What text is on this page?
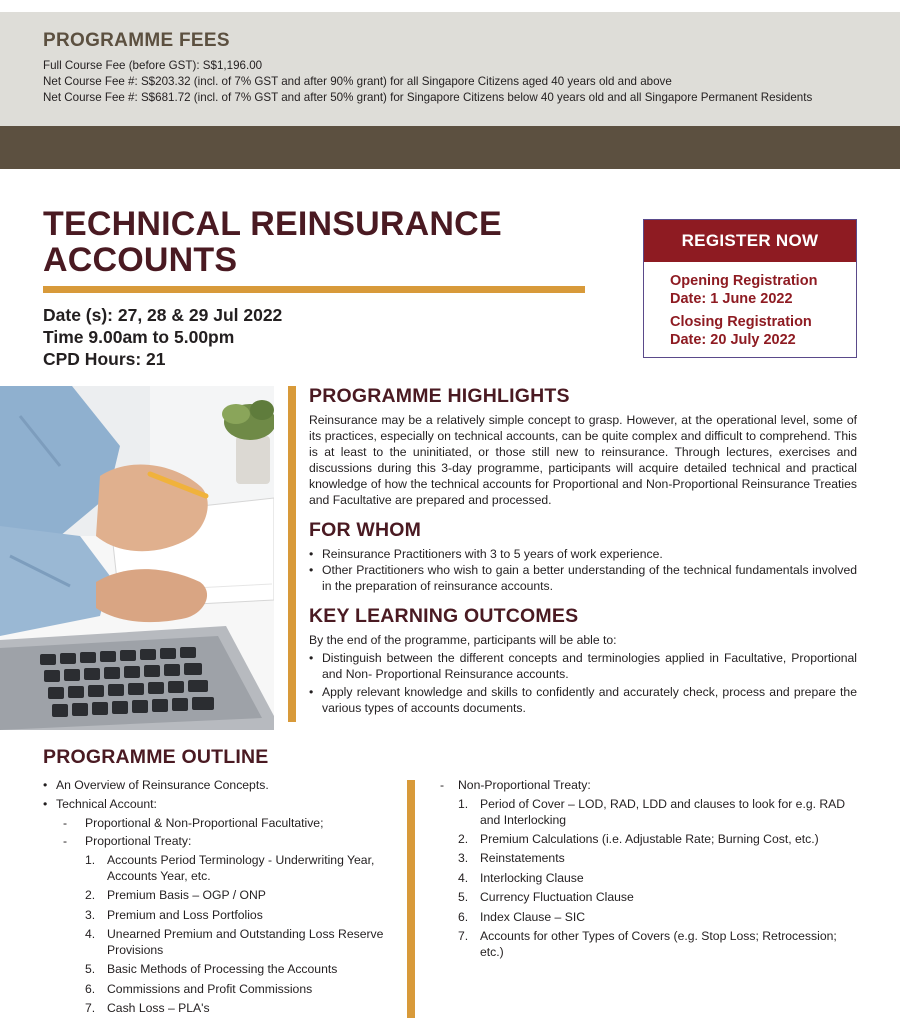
PROGRAMME FEES
Full Course Fee (before GST): S$1,196.00
Net Course Fee #: S$203.32 (incl. of 7% GST and after 90% grant) for all Singapore Citizens aged 40 years old and above
Net Course Fee #: S$681.72 (incl. of 7% GST and after 50% grant) for Singapore Citizens below 40 years old and all Singapore Permanent Residents
TECHNICAL REINSURANCE
ACCOUNTS
Date (s): 27, 28 & 29 Jul 2022
Time 9.00am to 5.00pm
CPD Hours: 21
REGISTER NOW
Opening Registration
Date: 1 June 2022
Closing Registration
Date: 20 July 2022
PROGRAMME HIGHLIGHTS

Reinsurance may be a relatively simple concept to grasp. However, at the operational level, some of its practices, especially on technical accounts, can be quite complex and difficult to comprehend. This is at least to the uninitiated, or those still new to reinsurance. Through lectures, exercises and discussions during this 3-day programme, participants will acquire detailed technical and practical knowledge of how the technical accounts for Proportional and Non-Proportional Reinsurance Treaties and Facultative are prepared and processed.

FOR WHOM
• Reinsurance Practitioners with 3 to 5 years of work experience.
• Other Practitioners who wish to gain a better understanding of the technical fundamentals involved in the preparation of reinsurance accounts.
KEY LEARNING OUTCOMES

By the end of the programme, participants will be able to:

• Distinguish between the different concepts and terminologies applied in Facultative, Proportional and Non- Proportional Reinsurance accounts.
• Apply relevant knowledge and skills to confidently and accurately check, process and prepare the various types of accounts documents.
PROGRAMME OUTLINE
• An Overview of Reinsurance Concepts.
• Technical Account:
- Proportional & Non-Proportional Facultative;
- Proportional Treaty:
1. Accounts Period Terminology - Underwriting Year, Accounts Year, etc.
2. Premium Basis – OGP / ONP
3. Premium and Loss Portfolios
4. Unearned Premium and Outstanding Loss Reserve Provisions
5. Basic Methods of Processing the Accounts
6. Commissions and Profit Commissions
7. Cash Loss – PLA's
- Non-Proportional Treaty:
1. Period of Cover – LOD, RAD, LDD and clauses to look for e.g. RAD and Interlocking
2. Premium Calculations (i.e. Adjustable Rate; Burning Cost, etc.)
3. Reinstatements
4. Interlocking Clause
5. Currency Fluctuation Clause
6. Index Clause – SIC
7. Accounts for other Types of Covers (e.g. Stop Loss; Retrocession; etc.)
